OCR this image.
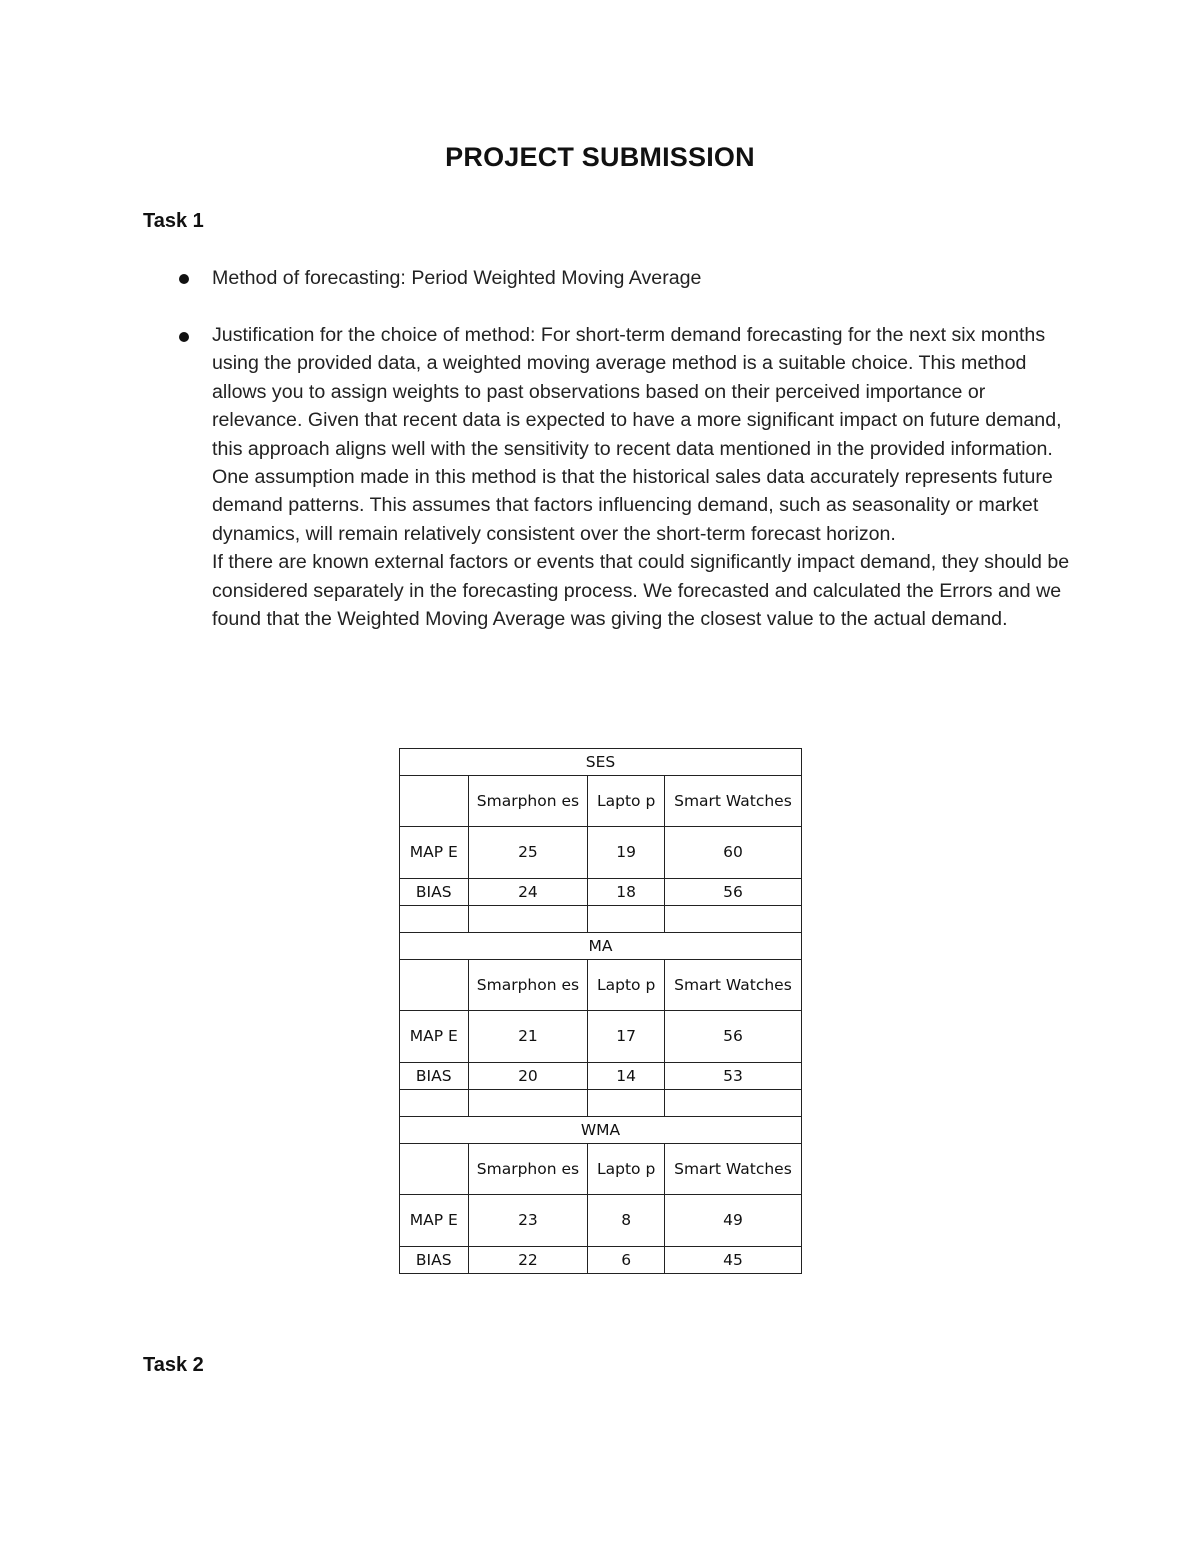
PROJECT SUBMISSION
Task 1
Method of forecasting: Period Weighted Moving Average
Justification for the choice of method: For short-term demand forecasting for the next six months using the provided data, a weighted moving average method is a suitable choice. This method allows you to assign weights to past observations based on their perceived importance or relevance. Given that recent data is expected to have a more significant impact on future demand, this approach aligns well with the sensitivity to recent data mentioned in the provided information. One assumption made in this method is that the historical sales data accurately represents future demand patterns. This assumes that factors influencing demand, such as seasonality or market dynamics, will remain relatively consistent over the short-term forecast horizon.
If there are known external factors or events that could significantly impact demand, they should be considered separately in the forecasting process. We forecasted and calculated the Errors and we found that the Weighted Moving Average was giving the closest value to the actual demand.
SES			
	Smarphon es	Lapto p	Smart Watches
MAP E	25	19	60
BIAS	24	18	56

MA			
	Smarphon es	Lapto p	Smart Watches
MAP E	21	17	56
BIAS	20	14	53

WMA			
	Smarphon es	Lapto p	Smart Watches
MAP E	23	8	49
BIAS	22	6	45
Task 2
